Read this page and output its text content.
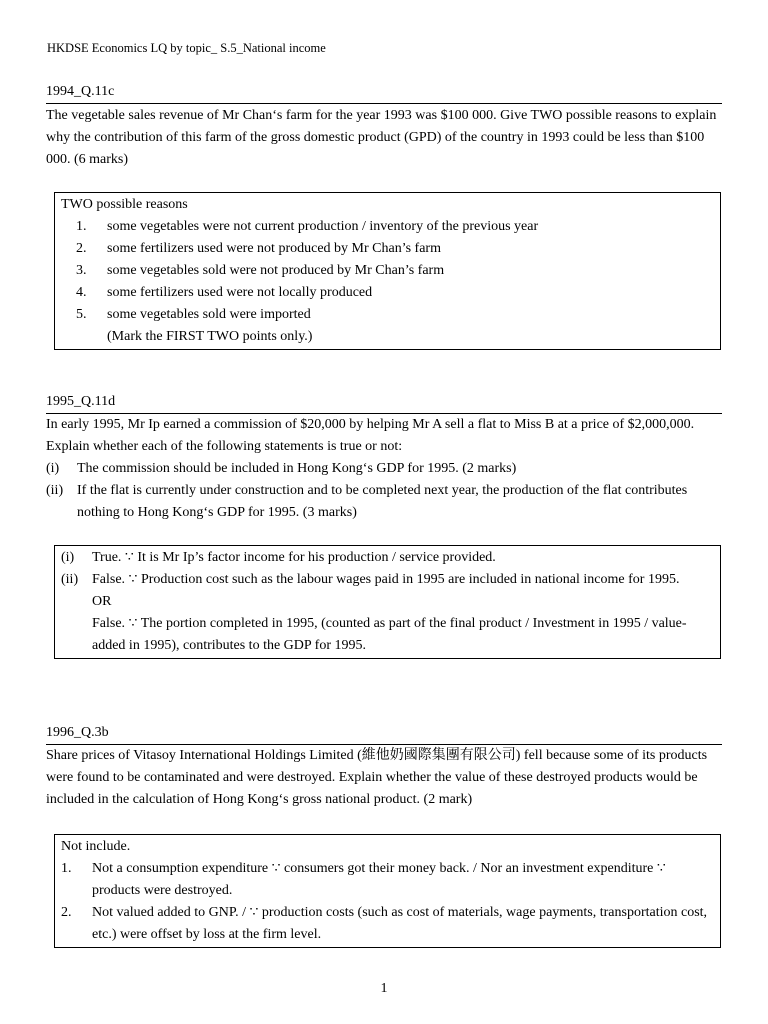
HKDSE Economics LQ by topic_ S.5_National income
1994_Q.11c

The vegetable sales revenue of Mr Chan‘s farm for the year 1993 was $100 000. Give TWO possible reasons to explain why the contribution of this farm of the gross domestic product (GPD) of the country in 1993 could be less than $100 000. (6 marks)

TWO possible reasons

1.	some vegetables were not current production / inventory of the previous year
2.	some fertilizers used were not produced by Mr Chan’s farm
3.	some vegetables sold were not produced by Mr Chan’s farm
4.	some fertilizers used were not locally produced
5.	some vegetables sold were imported

(Mark the FIRST TWO points only.)

1995_Q.11d

In early 1995, Mr Ip earned a commission of $20,000 by helping Mr A sell a flat to Miss B at a price of $2,000,000. Explain whether each of the following statements is true or not:

(i)	The commission should be included in Hong Kong‘s GDP for 1995. (2 marks)
(ii) If the flat is currently under construction and to be completed next year, the production of the flat contributes nothing to Hong Kong‘s GDP for 1995. (3 marks)
(i)	True. ∵ It is Mr Ip’s factor income for his production / service provided.
(ii) False. ∵ Production cost such as the labour wages paid in 1995 are included in national income for 1995.

OR

False. ∵ The portion completed in 1995, (counted as part of the final product / Investment in 1995 / value-added in 1995), contributes to the GDP for 1995.

1996_Q.3b

Share prices of Vitasoy International Holdings Limited (維他奶國際集團有限公司) fell because some of its products were found to be contaminated and were destroyed. Explain whether the value of these destroyed products would be included in the calculation of Hong Kong‘s gross national product. (2 mark)

Not include.

1.	Not a consumption expenditure ∵ consumers got their money back. / Nor an investment expenditure ∵ products were destroyed.
2.	Not valued added to GNP. / ∵ production costs (such as cost of materials, wage payments, transportation cost, etc.) were offset by loss at the firm level.
1
